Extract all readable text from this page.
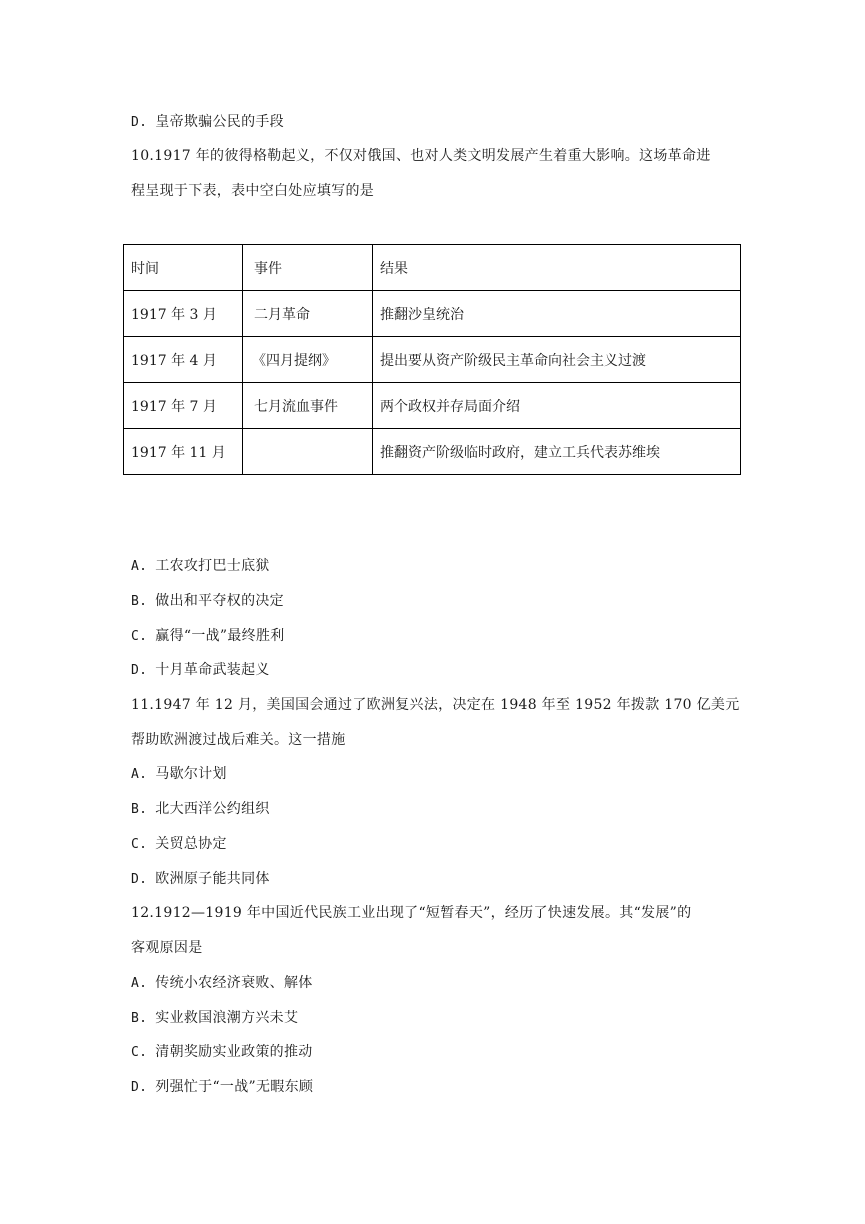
D. 皇帝欺骗公民的手段
10.1917 年的彼得格勒起义，不仅对俄国、也对人类文明发展产生着重大影响。这场革命进
程呈现于下表，表中空白处应填写的是
时间	事件	结果
1917 年 3 月	二月革命	推翻沙皇统治
1917 年 4 月	《四月提纲》	提出要从资产阶级民主革命向社会主义过渡
1917 年 7 月	七月流血事件	两个政权并存局面介绍
1917 年 11 月		推翻资产阶级临时政府，建立工兵代表苏维埃
A. 工农攻打巴士底狱
B. 做出和平夺权的决定
C. 赢得“一战”最终胜利
D. 十月革命武装起义
11.1947 年 12 月，美国国会通过了欧洲复兴法，决定在 1948 年至 1952 年拨款 170 亿美元
帮助欧洲渡过战后难关。这一措施
A. 马歇尔计划
B. 北大西洋公约组织
C. 关贸总协定
D. 欧洲原子能共同体
12.1912—1919 年中国近代民族工业出现了“短暂春天”，经历了快速发展。其“发展”的
客观原因是
A. 传统小农经济衰败、解体
B. 实业救国浪潮方兴未艾
C. 清朝奖励实业政策的推动
D. 列强忙于“一战”无暇东顾
